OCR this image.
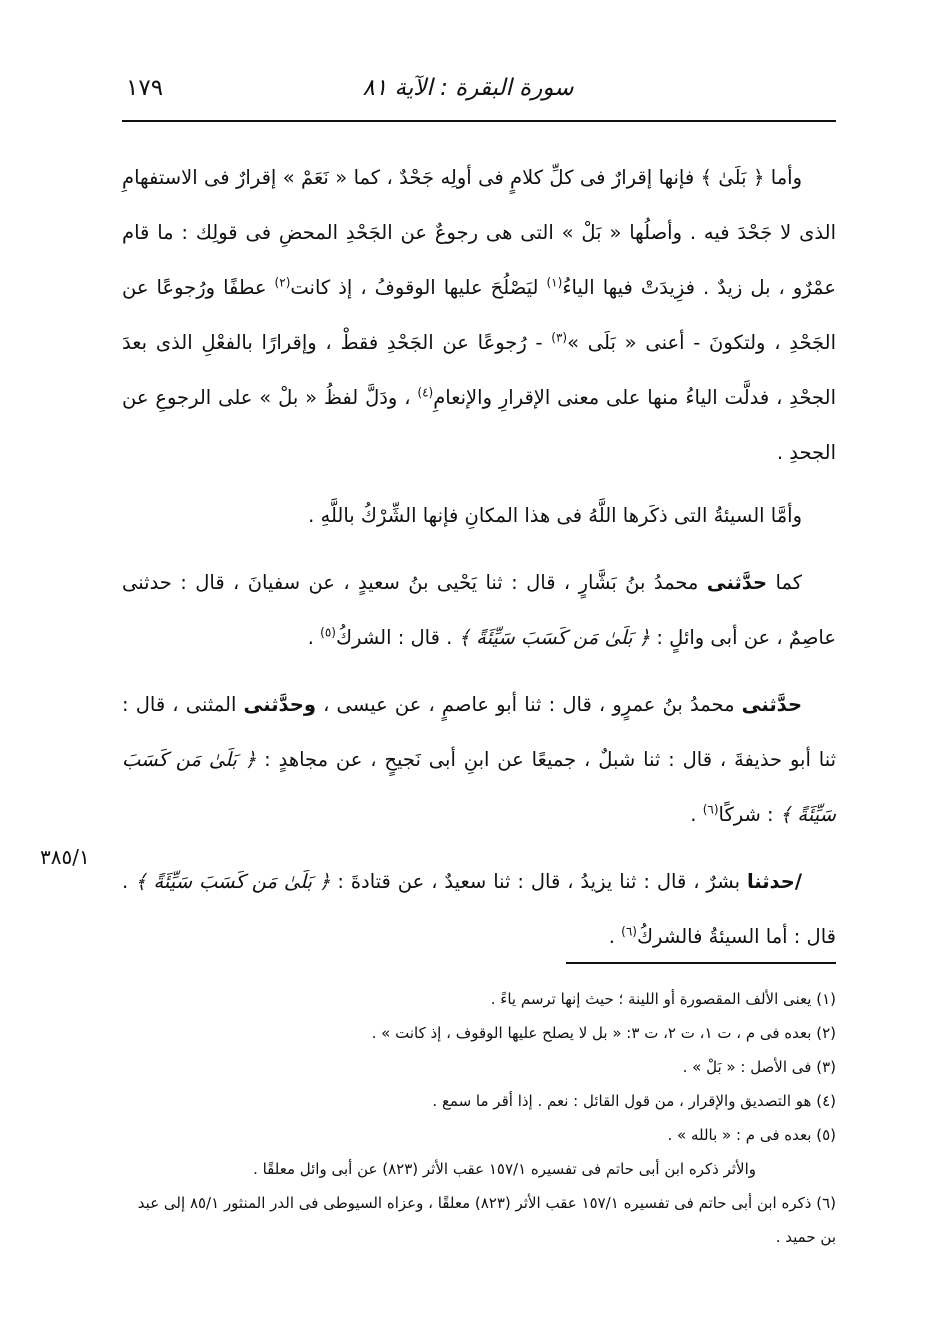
سورة البقرة : الآية ٨١
١٧٩
٣٨٥/١

وأما ﴿ بَلَىٰ ﴾ فإنها إقرارٌ فى كلِّ كلامٍ فى أولِه جَحْدٌ ، كما « نَعَمْ » إقرارٌ فى الاستفهامِ الذى لا جَحْدَ فيه . وأصلُها « بَلْ » التى هى رجوعٌ عن الجَحْدِ المحضِ فى قولِك : ما قام عمْرٌو ، بل زيدٌ . فزِيدَتْ فيها الياءُ$^{(١)}$ ليَصْلُحَ عليها الوقوفُ ، إذ كانت$^{(٢)}$ عطفًا ورُجوعًا عن الجَحْدِ ، ولتكونَ - أعنى « بَلَى »$^{(٣)}$ - رُجوعًا عن الجَحْدِ فقطْ ، وإقرارًا بالفعْلِ الذى بعدَ الجحْدِ ، فدلَّت الياءُ منها على معنى الإقرارِ والإنعامِ$^{(٤)}$ ، ودَلَّ لفظُ « بلْ » على الرجوعِ عن الجحدِ .

وأمَّا السيئةُ التى ذكَرها اللَّهُ فى هذا المكانِ فإنها الشِّرْكُ باللَّهِ .

كما حدَّثنى محمدُ بنُ بَشَّارٍ ، قال : ثنا يَحْيى بنُ سعيدٍ ، عن سفيانَ ، قال : حدثنى عاصِمٌ ، عن أبى وائلٍ : ﴿ بَلَىٰ مَن كَسَبَ سَيِّئَةً ﴾ . قال : الشركُ$^{(٥)}$ .

حدَّثنى محمدُ بنُ عمرٍو ، قال : ثنا أبو عاصمٍ ، عن عيسى ، وحدَّثنى المثنى ، قال : ثنا أبو حذيفةَ ، قال : ثنا شبلٌ ، جميعًا عن ابنِ أبى نَجيحٍ ، عن مجاهدٍ : ﴿ بَلَىٰ مَن كَسَبَ سَيِّئَةً ﴾ : شركًا$^{(٦)}$ .

/حدثنا بشرٌ ، قال : ثنا يزيدُ ، قال : ثنا سعيدٌ ، عن قتادةَ : ﴿ بَلَىٰ مَن كَسَبَ سَيِّئَةً ﴾ . قال : أما السيئةُ فالشركُ$^{(٦)}$ .

(١) يعنى الألف المقصورة أو اللينة ؛ حيث إنها ترسم ياءً .

(٢) بعده فى م ، ت ١، ت ٢، ت ٣: « بل لا يصلح عليها الوقوف ، إذ كانت » .

(٣) فى الأصل : « بَلْ » .

(٤) هو التصديق والإقرار ، من قول القائل : نعم . إذا أقر ما سمع .

(٥) بعده فى م : « بالله » .

والأثر ذكره ابن أبى حاتم فى تفسيره ١٥٧/١ عقب الأثر (٨٢٣) عن أبى وائل معلقًا .

(٦) ذكره ابن أبى حاتم فى تفسيره ١٥٧/١ عقب الأثر (٨٢٣) معلقًا ، وعزاه السيوطى فى الدر المنثور ٨٥/١ إلى عبد بن حميد .
